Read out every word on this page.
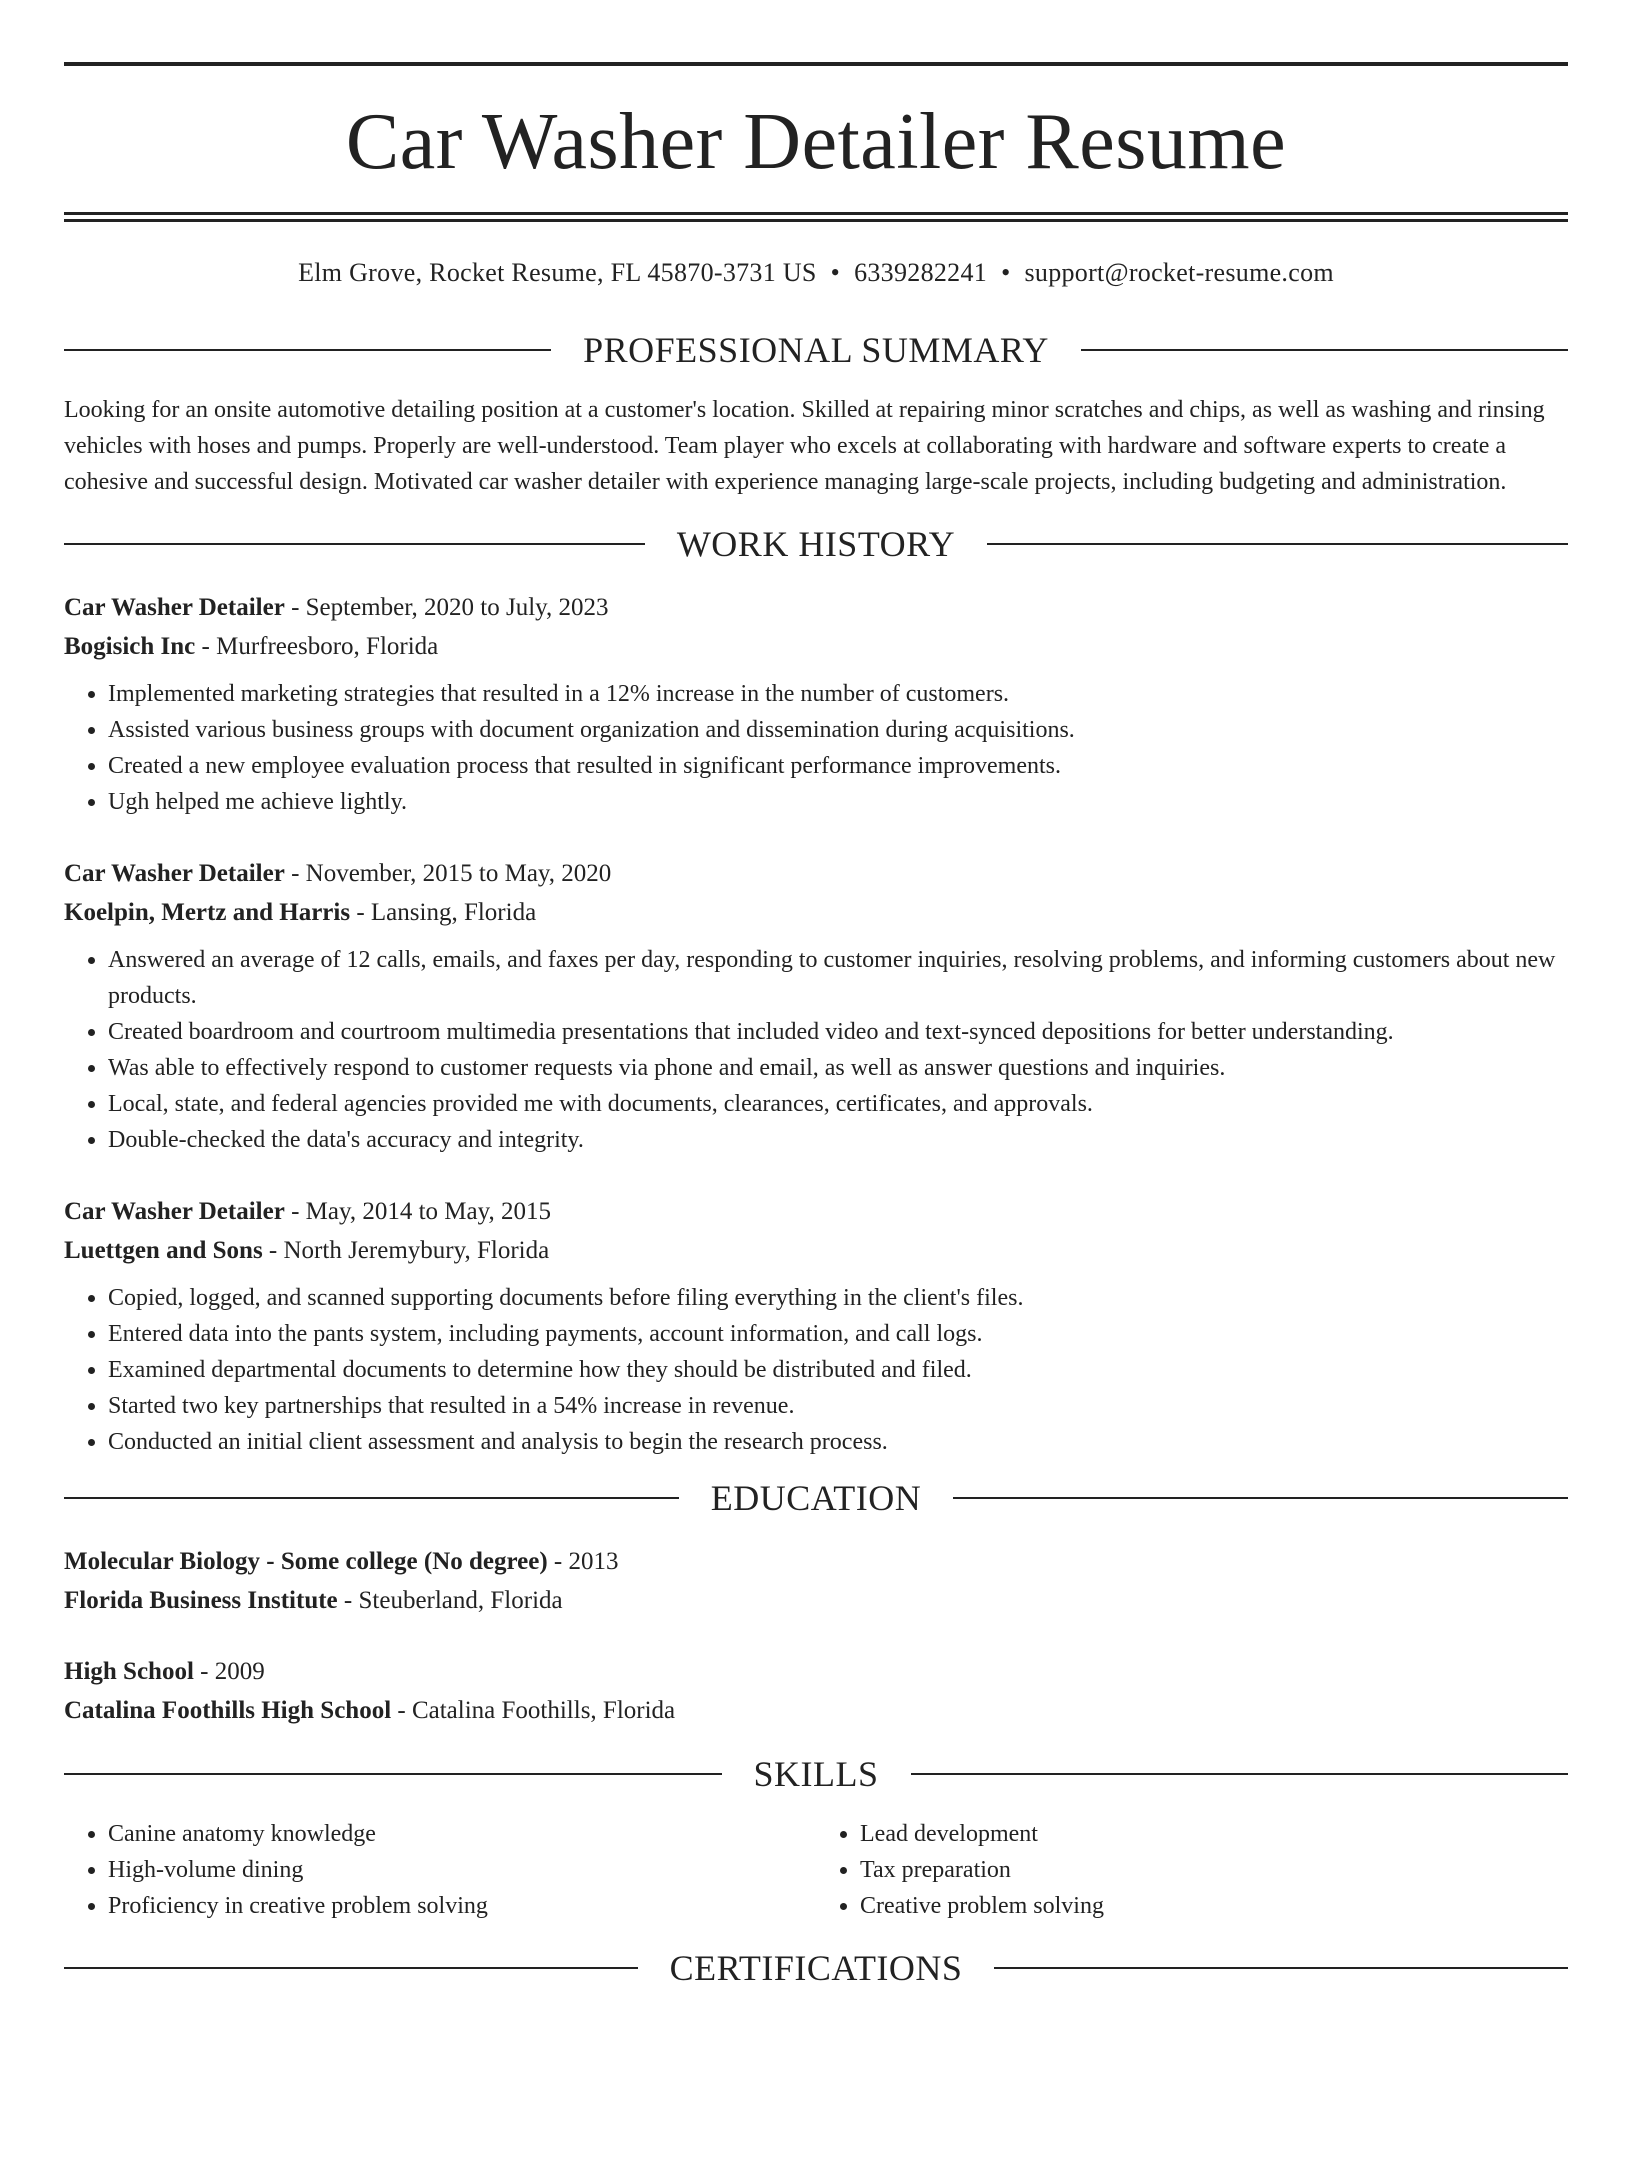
Car Washer Detailer Resume
Elm Grove, Rocket Resume, FL 45870-3731 US • 6339282241 • support@rocket-resume.com
PROFESSIONAL SUMMARY

Looking for an onsite automotive detailing position at a customer's location. Skilled at repairing minor scratches and chips, as well as washing and rinsing vehicles with hoses and pumps. Properly are well-understood. Team player who excels at collaborating with hardware and software experts to create a cohesive and successful design. Motivated car washer detailer with experience managing large-scale projects, including budgeting and administration.

WORK HISTORY
Car Washer Detailer - September, 2020 to July, 2023
Bogisich Inc - Murfreesboro, Florida
• Implemented marketing strategies that resulted in a 12% increase in the number of customers.
• Assisted various business groups with document organization and dissemination during acquisitions.
• Created a new employee evaluation process that resulted in significant performance improvements.
• Ugh helped me achieve lightly.
Car Washer Detailer - November, 2015 to May, 2020
Koelpin, Mertz and Harris - Lansing, Florida
• Answered an average of 12 calls, emails, and faxes per day, responding to customer inquiries, resolving problems, and informing customers about new products.
• Created boardroom and courtroom multimedia presentations that included video and text-synced depositions for better understanding.
• Was able to effectively respond to customer requests via phone and email, as well as answer questions and inquiries.
• Local, state, and federal agencies provided me with documents, clearances, certificates, and approvals.
• Double-checked the data's accuracy and integrity.
Car Washer Detailer - May, 2014 to May, 2015
Luettgen and Sons - North Jeremybury, Florida
• Copied, logged, and scanned supporting documents before filing everything in the client's files.
• Entered data into the pants system, including payments, account information, and call logs.
• Examined departmental documents to determine how they should be distributed and filed.
• Started two key partnerships that resulted in a 54% increase in revenue.
• Conducted an initial client assessment and analysis to begin the research process.
EDUCATION
Molecular Biology - Some college (No degree) - 2013
Florida Business Institute - Steuberland, Florida
High School - 2009
Catalina Foothills High School - Catalina Foothills, Florida
SKILLS
• Canine anatomy knowledge
• High-volume dining
• Proficiency in creative problem solving
• Lead development
• Tax preparation
• Creative problem solving
CERTIFICATIONS
